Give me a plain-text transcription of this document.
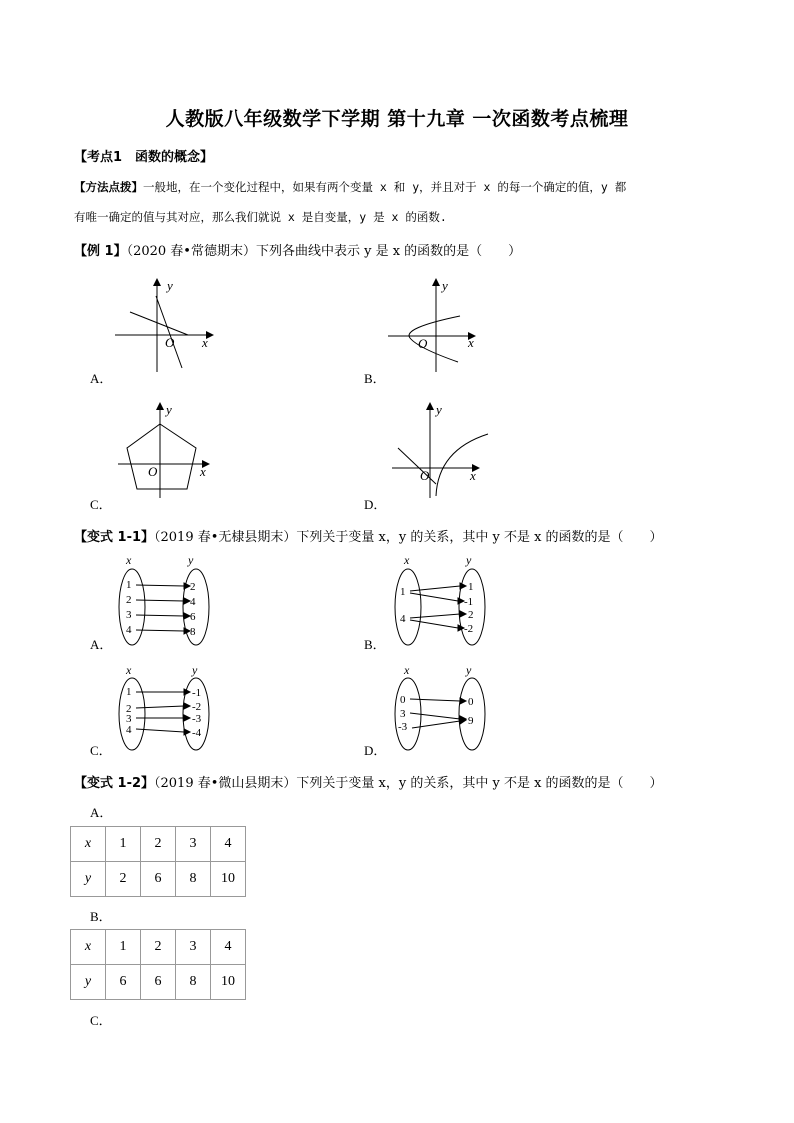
人教版八年级数学下学期 第十九章 一次函数考点梳理
【考点1　函数的概念】
【方法点拨】一般地，在一个变化过程中，如果有两个变量 x 和 y，并且对于 x 的每一个确定的值，y 都
有唯一确定的值与其对应，那么我们就说 x 是自变量，y 是 x 的函数.
【例 1】（2020 春•常德期末）下列各曲线中表示 y 是 x 的函数的是（　　）
y
x
O
A．
y
x
O
B．
y
x
O
C．
y
x
O
D．
【变式 1-1】（2019 春•无棣县期末）下列关于变量 x，y 的关系，其中 y 不是 x 的函数的是（　　）
x	y
1
2
3
4
2
4
6
8
A．
x	y
1
4
1
-1
2
-2
B．
x	y
1
2
3
4
-1
-2
-3
-4
C．
x	y
0
3
-3
0
9
D．
【变式 1-2】（2019 春•微山县期末）下列关于变量 x，y 的关系，其中 y 不是 x 的函数的是（　　）
A．
x	1	2	3	4
y	2	6	8	10
B．
x	1	2	3	4
y	6	6	8	10
C．
